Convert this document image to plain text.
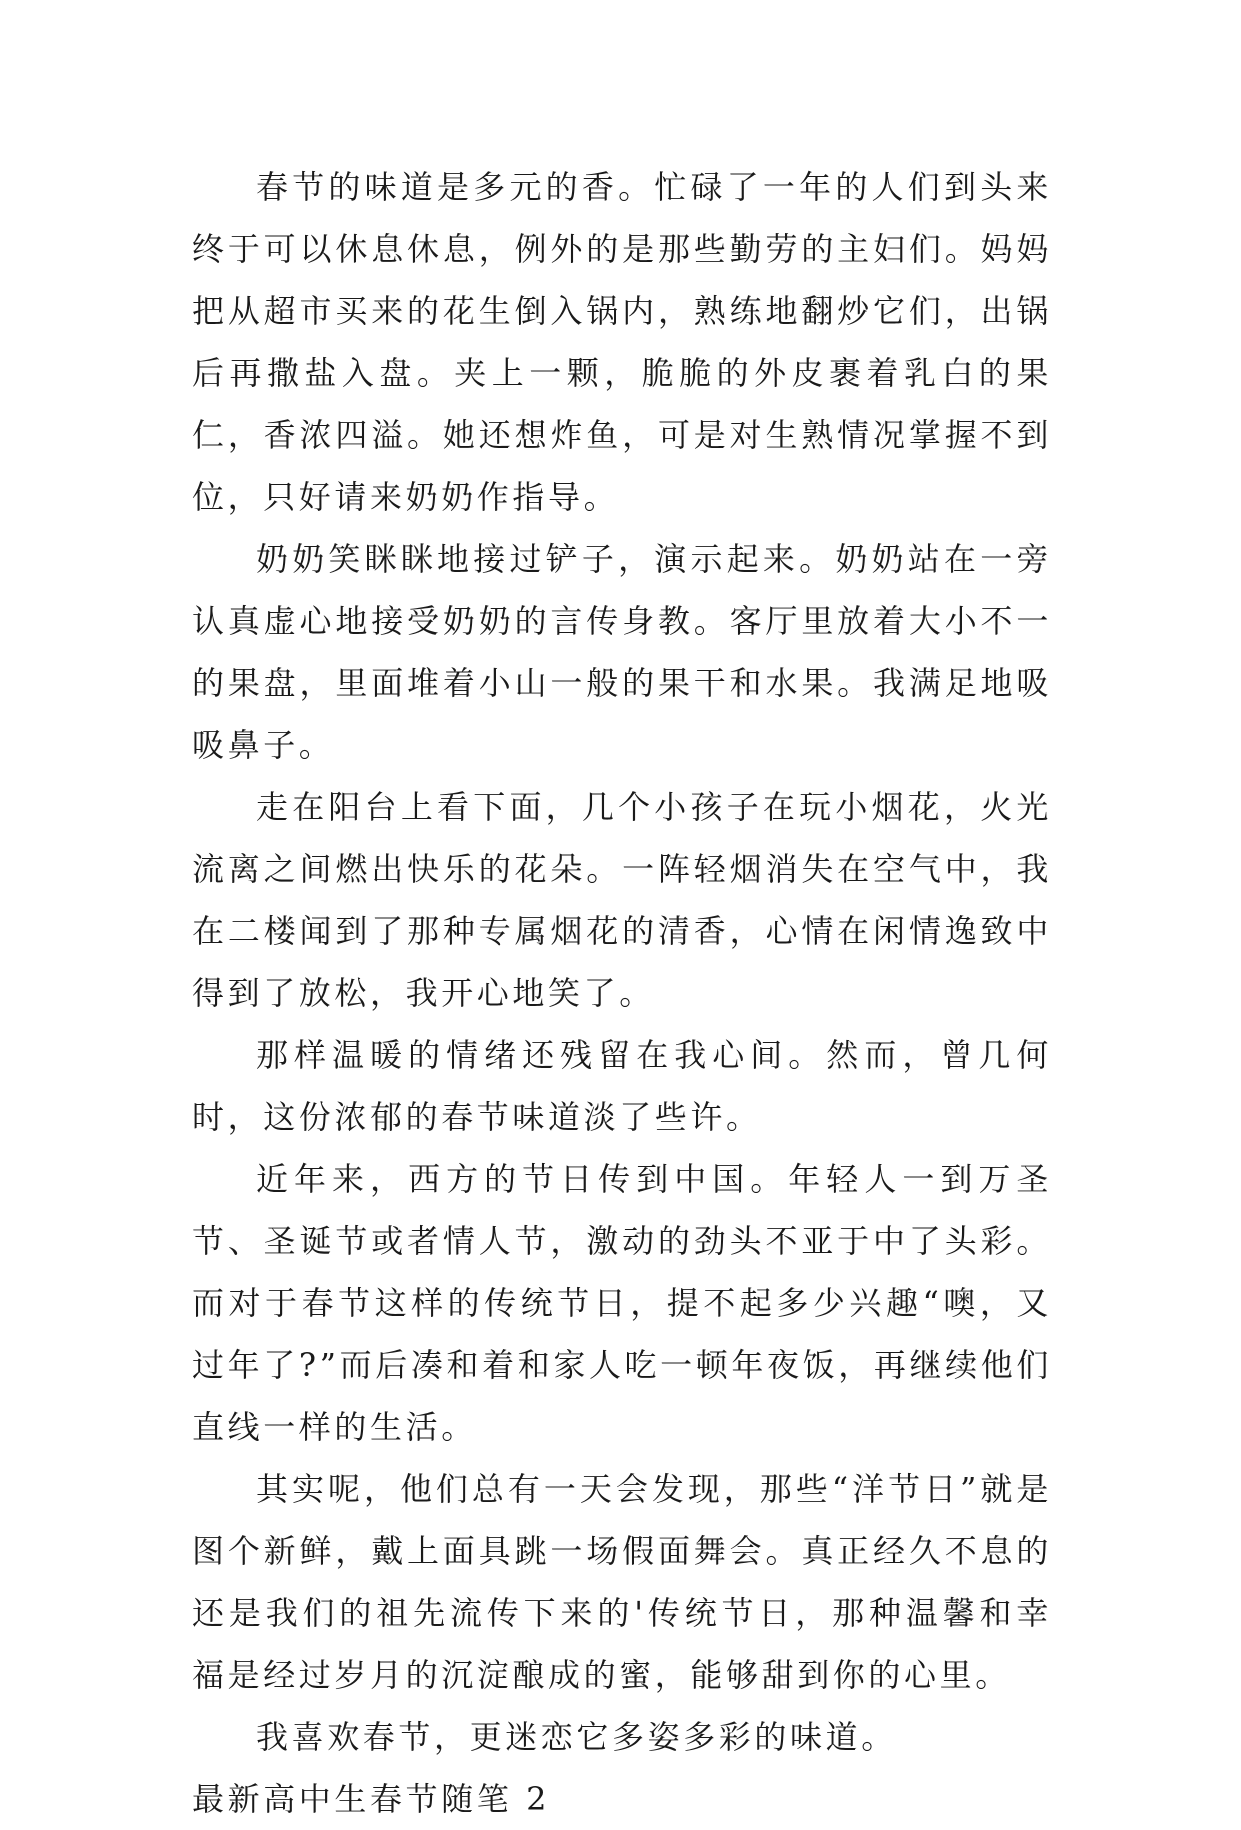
春节的味道是多元的香。忙碌了一年的人们到头来终于可以休息休息，例外的是那些勤劳的主妇们。妈妈把从超市买来的花生倒入锅内，熟练地翻炒它们，出锅后再撒盐入盘。夹上一颗，脆脆的外皮裹着乳白的果仁，香浓四溢。她还想炸鱼，可是对生熟情况掌握不到位，只好请来奶奶作指导。

奶奶笑眯眯地接过铲子，演示起来。奶奶站在一旁认真虚心地接受奶奶的言传身教。客厅里放着大小不一的果盘，里面堆着小山一般的果干和水果。我满足地吸吸鼻子。

走在阳台上看下面，几个小孩子在玩小烟花，火光流离之间燃出快乐的花朵。一阵轻烟消失在空气中，我在二楼闻到了那种专属烟花的清香，心情在闲情逸致中得到了放松，我开心地笑了。

那样温暖的情绪还残留在我心间。然而，曾几何时，这份浓郁的春节味道淡了些许。

近年来，西方的节日传到中国。年轻人一到万圣节、圣诞节或者情人节，激动的劲头不亚于中了头彩。而对于春节这样的传统节日，提不起多少兴趣“噢，又过年了?”而后凑和着和家人吃一顿年夜饭，再继续他们直线一样的生活。

其实呢，他们总有一天会发现，那些“洋节日”就是图个新鲜，戴上面具跳一场假面舞会。真正经久不息的还是我们的祖先流传下来的'传统节日，那种温馨和幸福是经过岁月的沉淀酿成的蜜，能够甜到你的心里。

我喜欢春节，更迷恋它多姿多彩的味道。

最新高中生春节随笔 2
